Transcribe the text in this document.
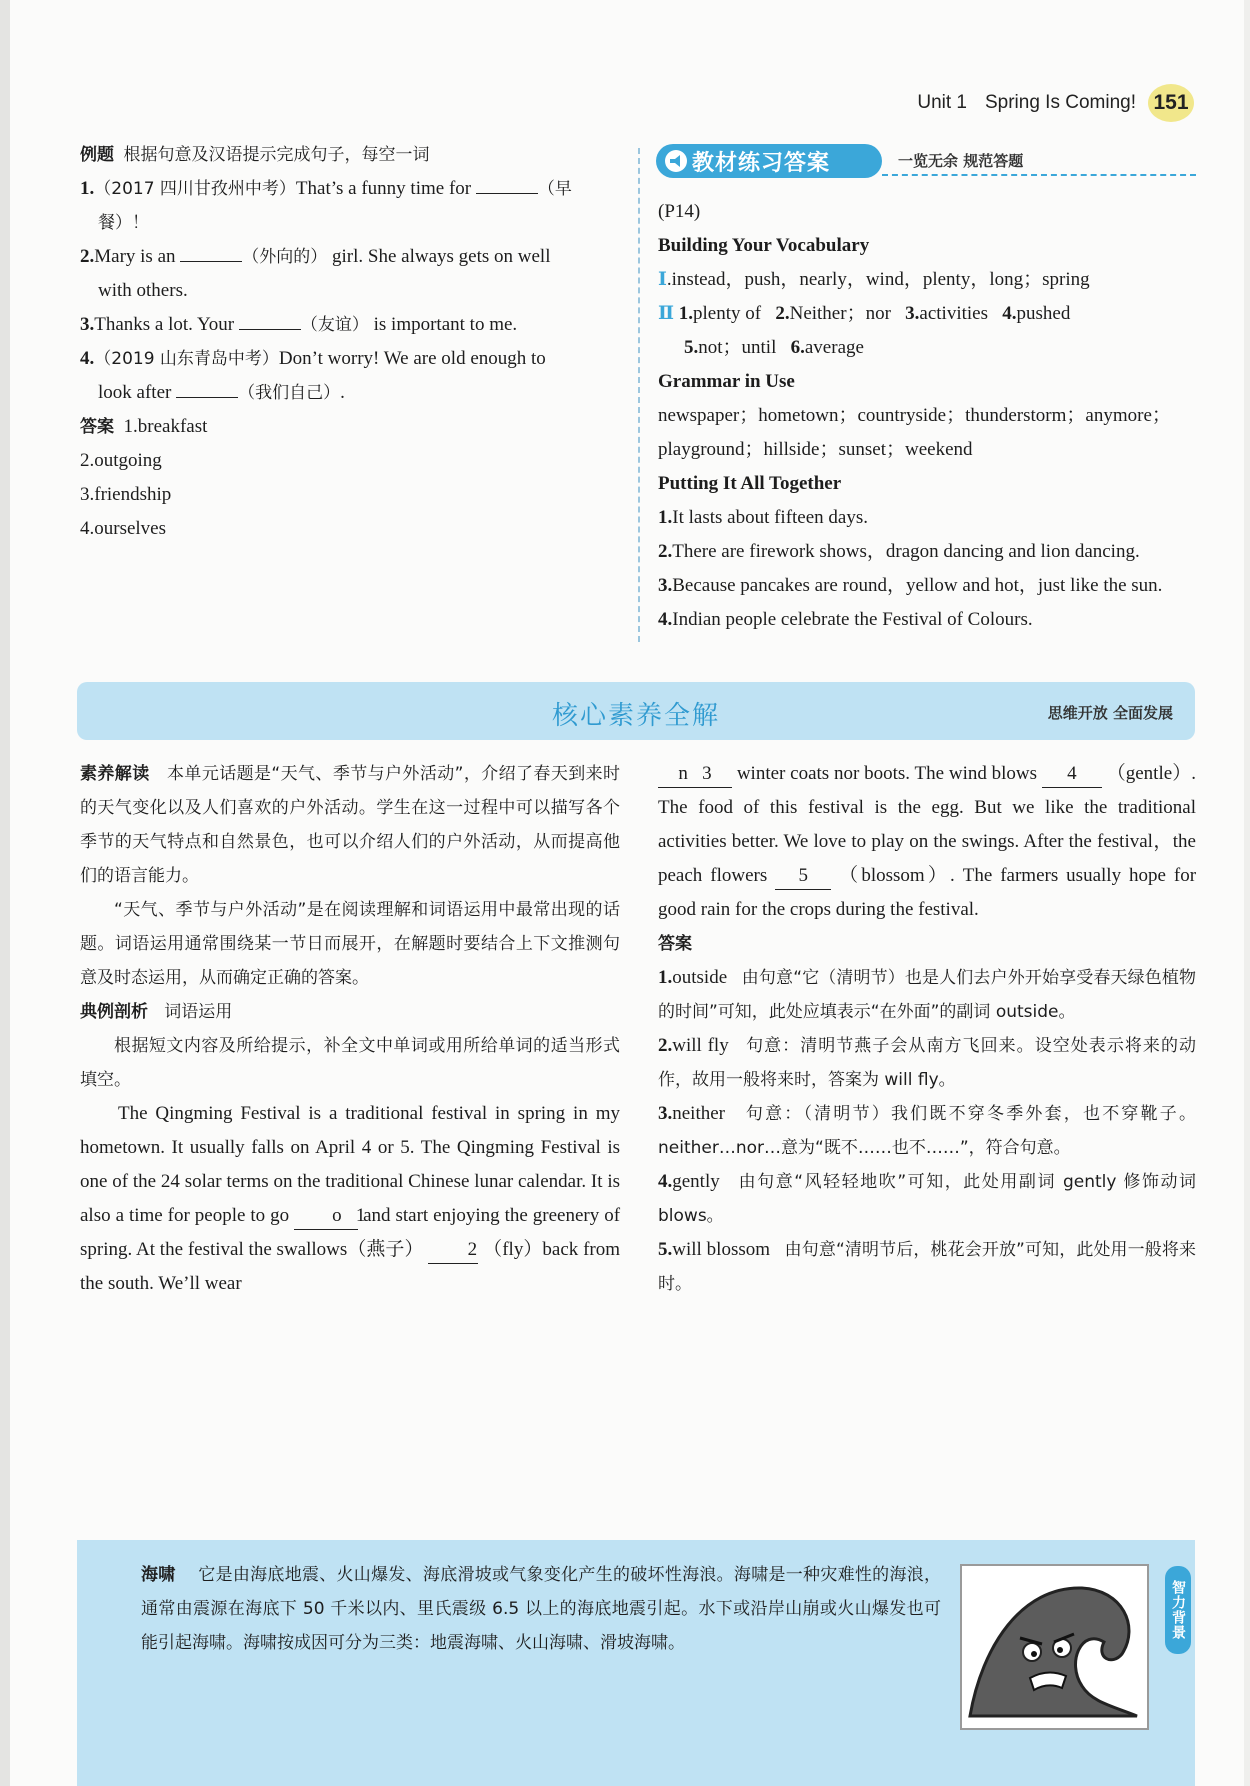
Unit 1 Spring Is Coming! 151

例题 根据句意及汉语提示完成句子，每空一词

1.（2017 四川甘孜州中考）That’s a funny time for	（早

餐）！

2.Mary is an	（外向的） girl. She always gets on well

with others.

3.Thanks a lot. Your	（友谊） is important to me.

4.（2019 山东青岛中考）Don’t worry! We are old enough to

look after	（我们自己）.

答案 1.breakfast

2.outgoing

3.friendship

4.ourselves

教材练习答案	一览无余 规范答题

(P14)

Building Your Vocabulary

Ⅰ.instead，push，nearly，wind，plenty，long；spring

Ⅱ 1.plenty of 2.Neither；nor 3.activities 4.pushed

5.not；until 6.average

Grammar in Use

newspaper；hometown；countryside；thunderstorm；anymore；

playground；hillside；sunset；weekend

Putting It All Together

1.It lasts about fifteen days.

2.There are firework shows，dragon dancing and lion dancing.

3.Because pancakes are round，yellow and hot，just like the sun.

4.Indian people celebrate the Festival of Colours.

核心素养全解	思维开放 全面发展

素养解读 本单元话题是“天气、季节与户外活动”，介绍了春天到来时的天气变化以及人们喜欢的户外活动。学生在这一过程中可以描写各个季节的天气特点和自然景色，也可以介绍人们的户外活动，从而提高他们的语言能力。

“天气、季节与户外活动”是在阅读理解和词语运用中最常出现的话题。词语运用通常围绕某一节日而展开，在解题时要结合上下文推测句意及时态运用，从而确定正确的答案。

典例剖析 词语运用

根据短文内容及所给提示，补全文中单词或用所给单词的适当形式填空。

The Qingming Festival is a traditional festival in spring in my hometown. It usually falls on April 4 or 5. The Qingming Festival is one of the 24 solar terms on the traditional Chinese lunar calendar. It is also a time for people to go o 1 and start enjoying the greenery of spring. At the festival the swallows（燕子） 2 （fly）back from the south. We’ll wear

n 3 winter coats nor boots. The wind blows 4 （gentle）. The food of this festival is the egg. But we like the traditional activities better. We love to play on the swings. After the festival，the peach flowers 5 （blossom）. The farmers usually hope for good rain for the crops during the festival.

答案

1.outside 由句意“它（清明节）也是人们去户外开始享受春天绿色植物的时间”可知，此处应填表示“在外面”的副词 outside。

2.will fly 句意：清明节燕子会从南方飞回来。设空处表示将来的动作，故用一般将来时，答案为 will fly。

3.neither 句意：（清明节）我们既不穿冬季外套，也不穿靴子。neither…nor…意为“既不……也不……”，符合句意。

4.gently 由句意“风轻轻地吹”可知，此处用副词 gently 修饰动词 blows。

5.will blossom 由句意“清明节后，桃花会开放”可知，此处用一般将来时。

海啸 它是由海底地震、火山爆发、海底滑坡或气象变化产生的破坏性海浪。海啸是一种灾难性的海浪，通常由震源在海底下 50 千米以内、里氏震级 6.5 以上的海底地震引起。水下或沿岸山崩或火山爆发也可能引起海啸。海啸按成因可分为三类：地震海啸、火山海啸、滑坡海啸。
智力背景
